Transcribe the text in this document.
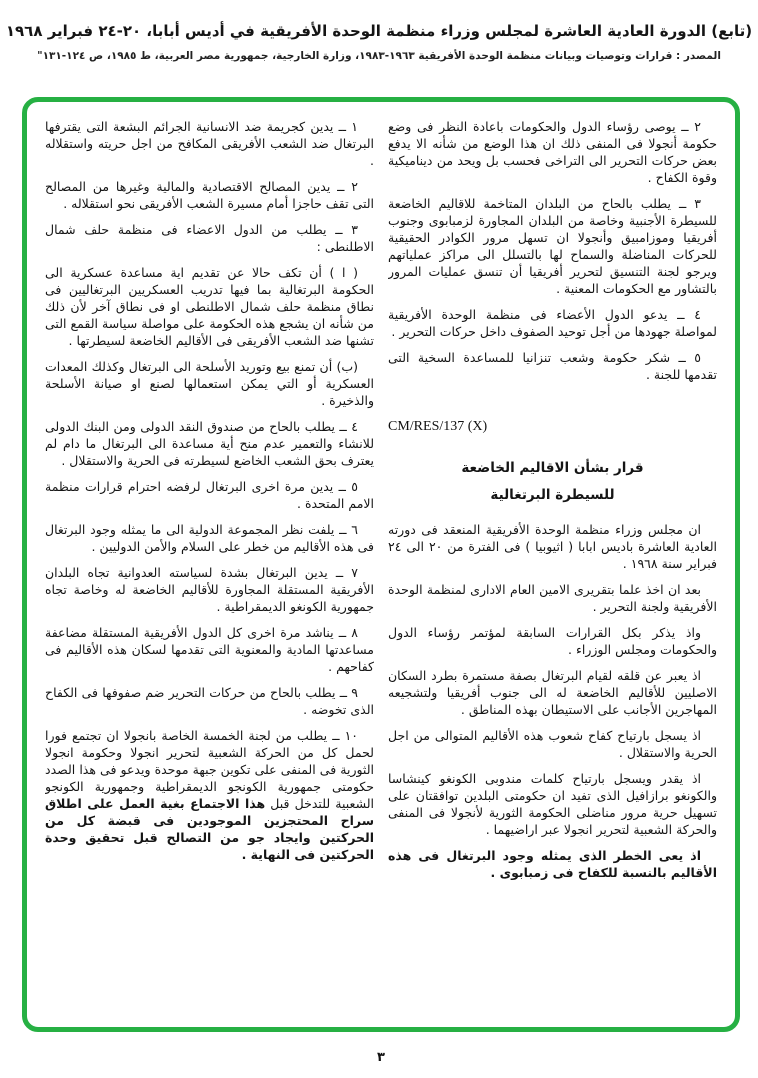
(تابع) الدورة العادية العاشرة لمجلس وزراء منظمة الوحدة الأفريقية في أديس أبابا، ٢٠-٢٤ فبراير ١٩٦٨
المصدر : قرارات وتوصيات وبيانات منظمة الوحدة الأفريقية ١٩٦٣-١٩٨٣، وزارة الخارجية، جمهورية مصر العربية، ط ١٩٨٥، ص ١٢٤-١٣١"

٢ ــ يوصى رؤساء الدول والحكومات باعادة النظر فى وضع حكومة أنجولا فى المنفى ذلك ان هذا الوضع من شأنه الا يدفع بعض حركات التحرير الى التراخى فحسب بل ويحد من ديناميكية وقوة الكفاح .

٣ ــ يطلب بالحاح من البلدان المتاخمة للاقاليم الخاضعة للسيطرة الأجنبية وخاصة من البلدان المجاورة لزمبابوى وجنوب أفريقيا وموزامبيق وأنجولا ان تسهل مرور الكوادر الحقيقية للحركات المناضلة والسماح لها بالتسلل الى مراكز عملياتهم ويرجو لجنة التنسيق لتحرير أفريقيا أن تنسق عمليات المرور بالتشاور مع الحكومات المعنية .

٤ ــ يدعو الدول الأعضاء فى منظمة الوحدة الأفريقية لمواصلة جهودها من أجل توحيد الصفوف داخل حركات التحرير .

٥ ــ شكر حكومة وشعب تنزانيا للمساعدة السخية التى تقدمها للجنة .

CM/RES/137 (X)
قرار بشأن الاقاليم الخاضعة
للسيطرة البرتغالية

ان مجلس وزراء منظمة الوحدة الأفريقية المنعقد فى دورته العادية العاشرة باديس ابابا ( اثيوبيا ) فى الفترة من ٢٠ الى ٢٤ فبراير سنة ١٩٦٨ .

بعد ان اخذ علما بتقريرى الامين العام الادارى لمنظمة الوحدة الأفريقية ولجنة التحرير .

واذ يذكر بكل القرارات السابقة لمؤتمر رؤساء الدول والحكومات ومجلس الوزراء .

اذ يعبر عن قلقه لقيام البرتغال بصفة مستمرة بطرد السكان الاصليين للأقاليم الخاضعة له الى جنوب أفريقيا ولتشجيعه المهاجرين الأجانب على الاستيطان بهذه المناطق .

اذ يسجل بارتياح كفاح شعوب هذه الأقاليم المتوالى من اجل الحرية والاستقلال .

اذ يقدر ويسجل بارتياح كلمات مندوبى الكونغو كينشاسا والكونغو برازافيل الذى تفيد ان حكومتى البلدين توافقتان على تسهيل حرية مرور مناضلى الحكومة الثورية لأنجولا فى المنفى والحركة الشعبية لتحرير انجولا عبر اراضيهما .

اذ يعى الخطر الذى يمثله وجود البرتغال فى هذه الأقاليم بالنسبة للكفاح فى زمبابوى .

١ ــ يدين كجريمة ضد الانسانية الجرائم البشعة التى يقترفها البرتغال ضد الشعب الأفريقى المكافح من اجل حريته واستقلاله .

٢ ــ يدين المصالح الاقتصادية والمالية وغيرها من المصالح التى تقف حاجزا أمام مسيرة الشعب الأفريقى نحو استقلاله .

٣ ــ يطلب من الدول الاعضاء فى منظمة حلف شمال الاطلنطى :

( ا ) أن تكف حالا عن تقديم اية مساعدة عسكرية الى الحكومة البرتغالية بما فيها تدريب العسكريين البرتغاليين فى نطاق منظمة حلف شمال الاطلنطى او فى نطاق آخر لأن ذلك من شأنه ان يشجع هذه الحكومة على مواصلة سياسة القمع التى تشنها ضد الشعب الأفريقى فى الأقاليم الخاضعة لسيطرتها .

(ب) أن تمنع بيع وتوريد الأسلحة الى البرتغال وكذلك المعدات العسكرية أو التي يمكن استعمالها لصنع او صيانة الأسلحة والذخيرة .

٤ ــ يطلب بالحاح من صندوق النقد الدولى ومن البنك الدولى للانشاء والتعمير عدم منح أية مساعدة الى البرتغال ما دام لم يعترف بحق الشعب الخاضع لسيطرته فى الحرية والاستقلال .

٥ ــ يدين مرة اخرى البرتغال لرفضه احترام قرارات منظمة الامم المتحدة .

٦ ــ يلفت نظر المجموعة الدولية الى ما يمثله وجود البرتغال فى هذه الأقاليم من خطر على السلام والأمن الدوليين .

٧ ــ يدين البرتغال بشدة لسياسته العدوانية تجاه البلدان الأفريقية المستقلة المجاورة للأقاليم الخاضعة له وخاصة تجاه جمهورية الكونغو الديمقراطية .

٨ ــ يناشد مرة اخرى كل الدول الأفريقية المستقلة مضاعفة مساعدتها المادية والمعنوية التى تقدمها لسكان هذه الأقاليم فى كفاحهم .

٩ ــ يطلب بالحاح من حركات التحرير ضم صفوفها فى الكفاح الذى تخوضه .

١٠ ــ يطلب من لجنة الخمسة الخاصة بانجولا ان تجتمع فورا لحمل كل من الحركة الشعبية لتحرير انجولا وحكومة انجولا الثورية فى المنفى على تكوين جبهة موحدة ويدعو فى هذا الصدد حكومتى جمهورية الكونجو الديمقراطية وجمهورية الكونجو الشعبية للتدخل قبل هذا الاجتماع بغية العمل على اطلاق سراح المحتجزين الموجودين فى قبضة كل من الحركتين وايجاد جو من التصالح قبل تحقيق وحدة الحركتين فى النهاية .

٣
